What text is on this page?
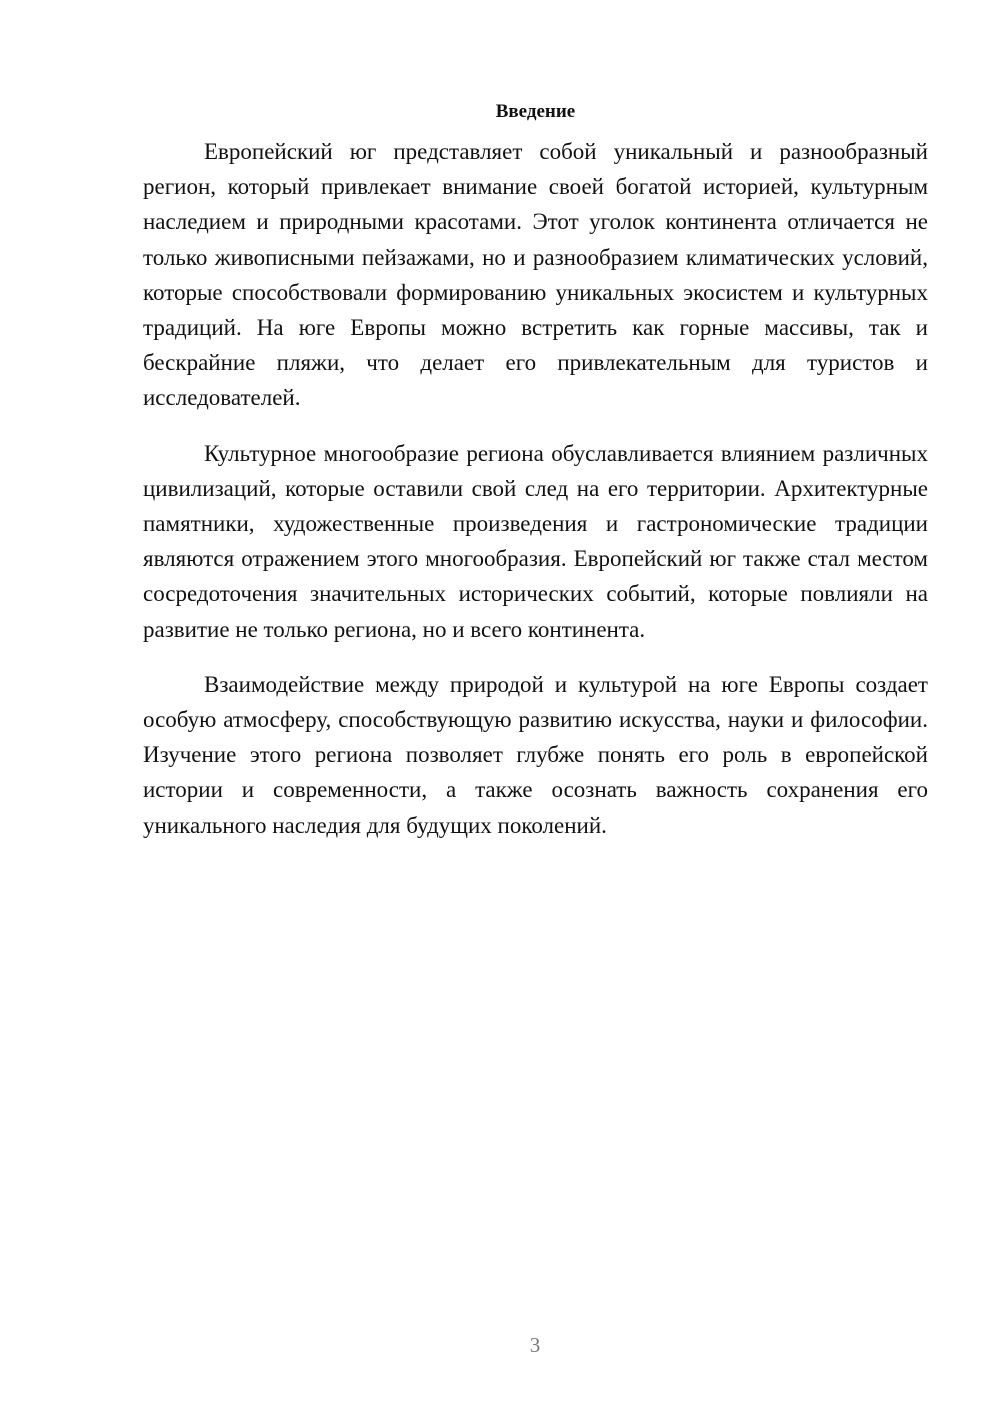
Введение

Европейский юг представляет собой уникальный и разнообразный регион, который привлекает внимание своей богатой историей, культурным наследием и природными красотами. Этот уголок континента отличается не только живописными пейзажами, но и разнообразием климатических условий, которые способствовали формированию уникальных экосистем и культурных традиций. На юге Европы можно встретить как горные массивы, так и бескрайние пляжи, что делает его привлекательным для туристов и исследователей.

Культурное многообразие региона обуславливается влиянием различных цивилизаций, которые оставили свой след на его территории. Архитектурные памятники, художественные произведения и гастрономические традиции являются отражением этого многообразия. Европейский юг также стал местом сосредоточения значительных исторических событий, которые повлияли на развитие не только региона, но и всего континента.

Взаимодействие между природой и культурой на юге Европы создает особую атмосферу, способствующую развитию искусства, науки и философии. Изучение этого региона позволяет глубже понять его роль в европейской истории и современности, а также осознать важность сохранения его уникального наследия для будущих поколений.

3
